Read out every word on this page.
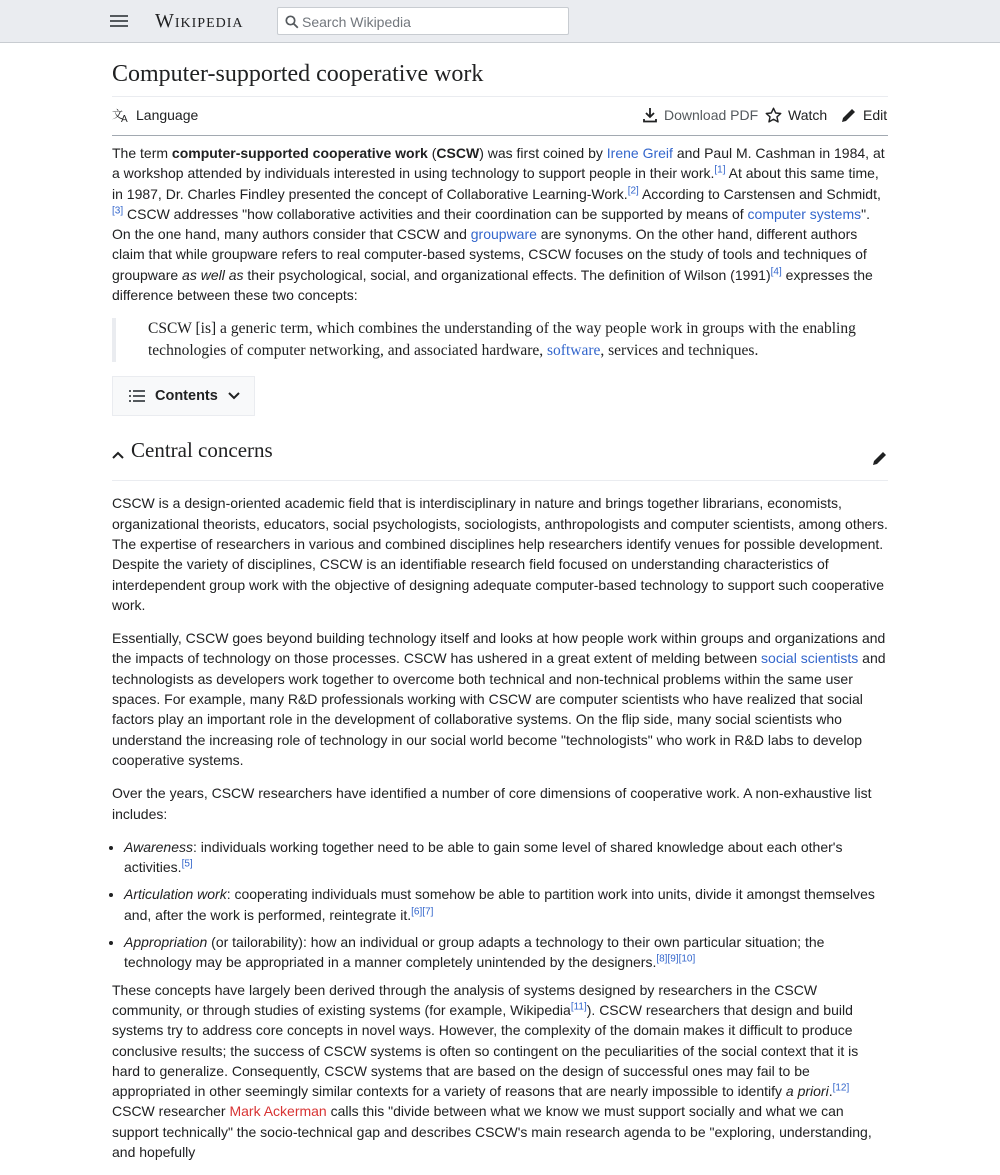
Wikipedia
Search Wikipedia
Computer-supported cooperative work
文
A Language	Download PDF Watch	Edit

The term computer-supported cooperative work (CSCW) was first coined by Irene Greif and Paul M. Cashman in 1984, at a workshop attended by individuals interested in using technology to support people in their work.[1] At about this same time, in 1987, Dr. Charles Findley presented the concept of Collaborative Learning-Work.[2] According to Carstensen and Schmidt,[3] CSCW addresses "how collaborative activities and their coordination can be supported by means of computer systems". On the one hand, many authors consider that CSCW and groupware are synonyms. On the other hand, different authors claim that while groupware refers to real computer-based systems, CSCW focuses on the study of tools and techniques of groupware as well as their psychological, social, and organizational effects. The definition of Wilson (1991)[4] expresses the difference between these two concepts:

CSCW [is] a generic term, which combines the understanding of the way people work in groups with the enabling technologies of computer networking, and associated hardware, software, services and techniques.
Contents
Central concerns

CSCW is a design-oriented academic field that is interdisciplinary in nature and brings together librarians, economists, organizational theorists, educators, social psychologists, sociologists, anthropologists and computer scientists, among others. The expertise of researchers in various and combined disciplines help researchers identify venues for possible development. Despite the variety of disciplines, CSCW is an identifiable research field focused on understanding characteristics of interdependent group work with the objective of designing adequate computer-based technology to support such cooperative work.

Essentially, CSCW goes beyond building technology itself and looks at how people work within groups and organizations and the impacts of technology on those processes. CSCW has ushered in a great extent of melding between social scientists and technologists as developers work together to overcome both technical and non-technical problems within the same user spaces. For example, many R&D professionals working with CSCW are computer scientists who have realized that social factors play an important role in the development of collaborative systems. On the flip side, many social scientists who understand the increasing role of technology in our social world become "technologists" who work in R&D labs to develop cooperative systems.

Over the years, CSCW researchers have identified a number of core dimensions of cooperative work. A non-exhaustive list includes:

• Awareness: individuals working together need to be able to gain some level of shared knowledge about each other's activities.[5]
• Articulation work: cooperating individuals must somehow be able to partition work into units, divide it amongst themselves and, after the work is performed, reintegrate it.[6][7]
• Appropriation (or tailorability): how an individual or group adapts a technology to their own particular situation; the technology may be appropriated in a manner completely unintended by the designers.[8][9][10]

These concepts have largely been derived through the analysis of systems designed by researchers in the CSCW community, or through studies of existing systems (for example, Wikipedia[11]). CSCW researchers that design and build systems try to address core concepts in novel ways. However, the complexity of the domain makes it difficult to produce conclusive results; the success of CSCW systems is often so contingent on the peculiarities of the social context that it is hard to generalize. Consequently, CSCW systems that are based on the design of successful ones may fail to be appropriated in other seemingly similar contexts for a variety of reasons that are nearly impossible to identify a priori.[12] CSCW researcher Mark Ackerman calls this "divide between what we know we must support socially and what we can support technically" the socio-technical gap and describes CSCW's main research agenda to be "exploring, understanding, and hopefully
